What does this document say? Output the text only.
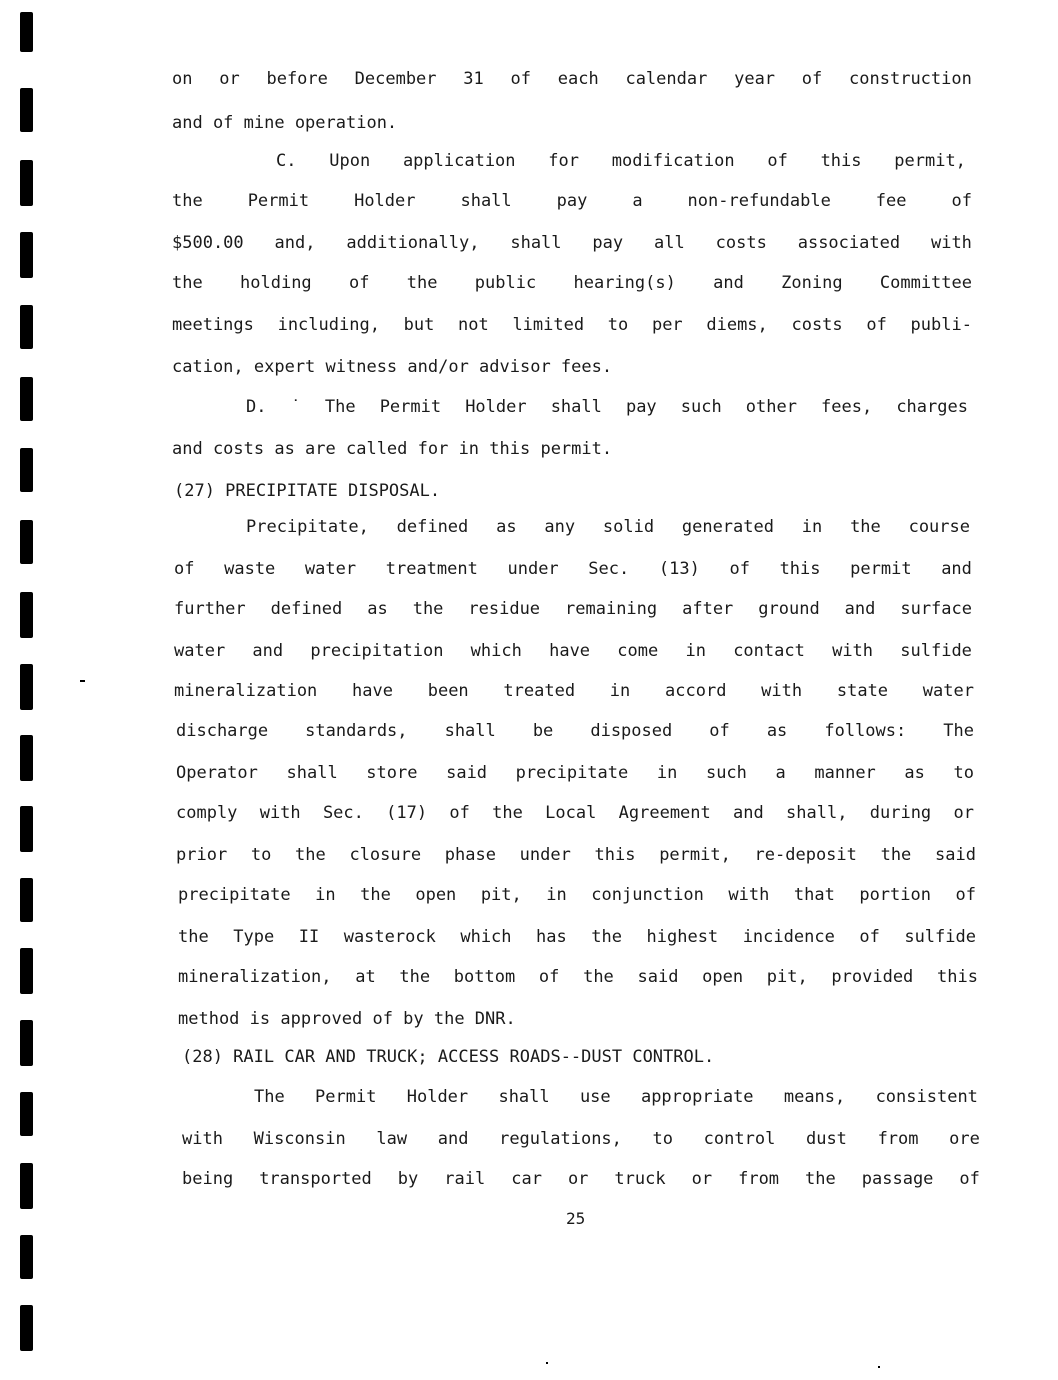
on or before December 31 of each calendar year of construction
and of mine operation.
C. Upon application for modification of this permit,
the	Permit	Holder	shall	pay	a	non-refundable	fee	of
$500.00 and, additionally, shall pay all costs associated with
the holding of the public hearing(s) and Zoning Committee
meetings including, but not limited to per diems, costs of publi-
cation, expert witness and/or advisor fees.
D. ˙ The Permit Holder shall pay such other fees, charges
and costs as are called for in this permit.
(27) PRECIPITATE DISPOSAL.
Precipitate, defined as any solid generated in the course
of waste water treatment under Sec. (13) of this permit and
further defined as the residue remaining after ground and surface
water and precipitation which have come in contact with sulfide
mineralization have been treated in accord with state water
discharge standards, shall be disposed of as follows: The
Operator shall store said precipitate in such a manner as to
comply with Sec. (17) of the Local Agreement and shall, during or
prior to the closure phase under this permit, re-deposit the said
precipitate in the open pit, in conjunction with that portion of
the Type II wasterock which has the highest incidence of sulfide
mineralization, at the bottom of the said open pit, provided this
method is approved of by the DNR.
(28) RAIL CAR AND TRUCK; ACCESS ROADS--DUST CONTROL.
The Permit Holder shall use appropriate means, consistent
with Wisconsin law and regulations, to control dust from ore
being transported by rail car or truck or from the passage of
25
